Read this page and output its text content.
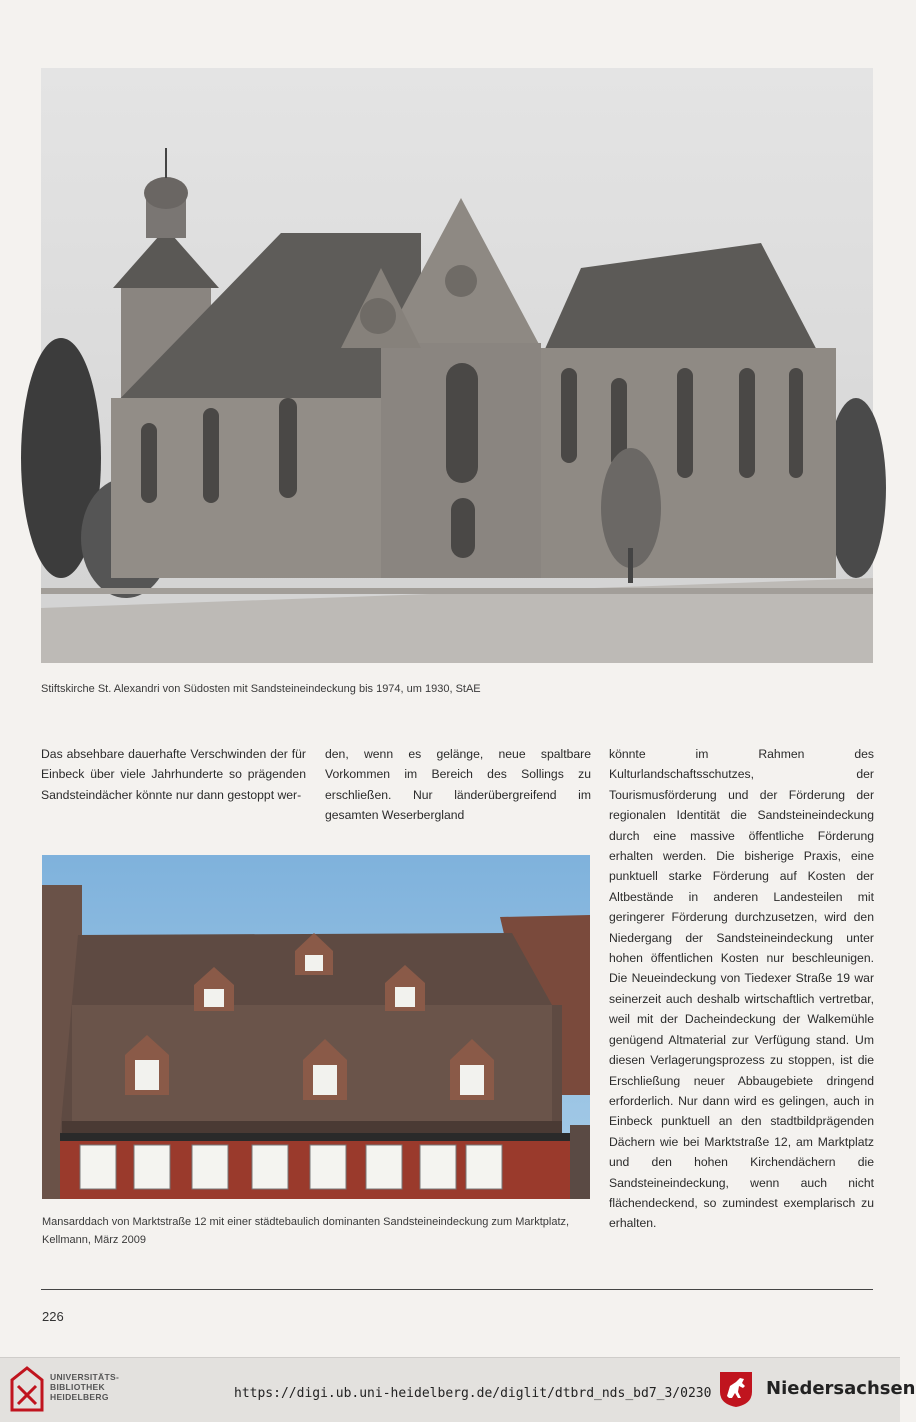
Stiftskirche St. Alexandri von Südosten mit Sandsteineindeckung bis 1974, um 1930, StAE

Das absehbare dauerhafte Verschwinden der für Einbeck über viele Jahrhunderte so prägenden Sandsteindächer könnte nur dann gestoppt wer-

den, wenn es gelänge, neue spaltbare Vorkommen im Bereich des Sollings zu erschließen. Nur länderübergreifend im gesamten Weserbergland

könnte im Rahmen des Kulturlandschaftsschutzes, der Tourismusförderung und der Förderung der regionalen Identität die Sandsteineindeckung durch eine massive öffentliche Förderung erhalten werden. Die bisherige Praxis, eine punktuell starke Förderung auf Kosten der Altbestände in anderen Landesteilen mit geringerer Förderung durchzusetzen, wird den Niedergang der Sandsteineindeckung unter hohen öffentlichen Kosten nur beschleunigen. Die Neueindeckung von Tiedexer Straße 19 war seinerzeit auch deshalb wirtschaftlich vertretbar, weil mit der Dacheindeckung der Walkemühle genügend Altmaterial zur Verfügung stand. Um diesen Verlagerungsprozess zu stoppen, ist die Erschließung neuer Abbaugebiete dringend erforderlich. Nur dann wird es gelingen, auch in Einbeck punktuell an den stadtbildprägenden Dächern wie bei Marktstraße 12, am Marktplatz und den hohen Kirchendächern die Sandsteineindeckung, wenn auch nicht flächendeckend, so zumindest exemplarisch zu erhalten.

Mansarddach von Marktstraße 12 mit einer städtebaulich dominanten Sandsteineindeckung zum Marktplatz, Kellmann, März 2009

226
UNIVERSITÄTS-
BIBLIOTHEK
HEIDELBERG	https://digi.ub.uni-heidelberg.de/diglit/dtbrd_nds_bd7_3/0230	Niedersachsen
